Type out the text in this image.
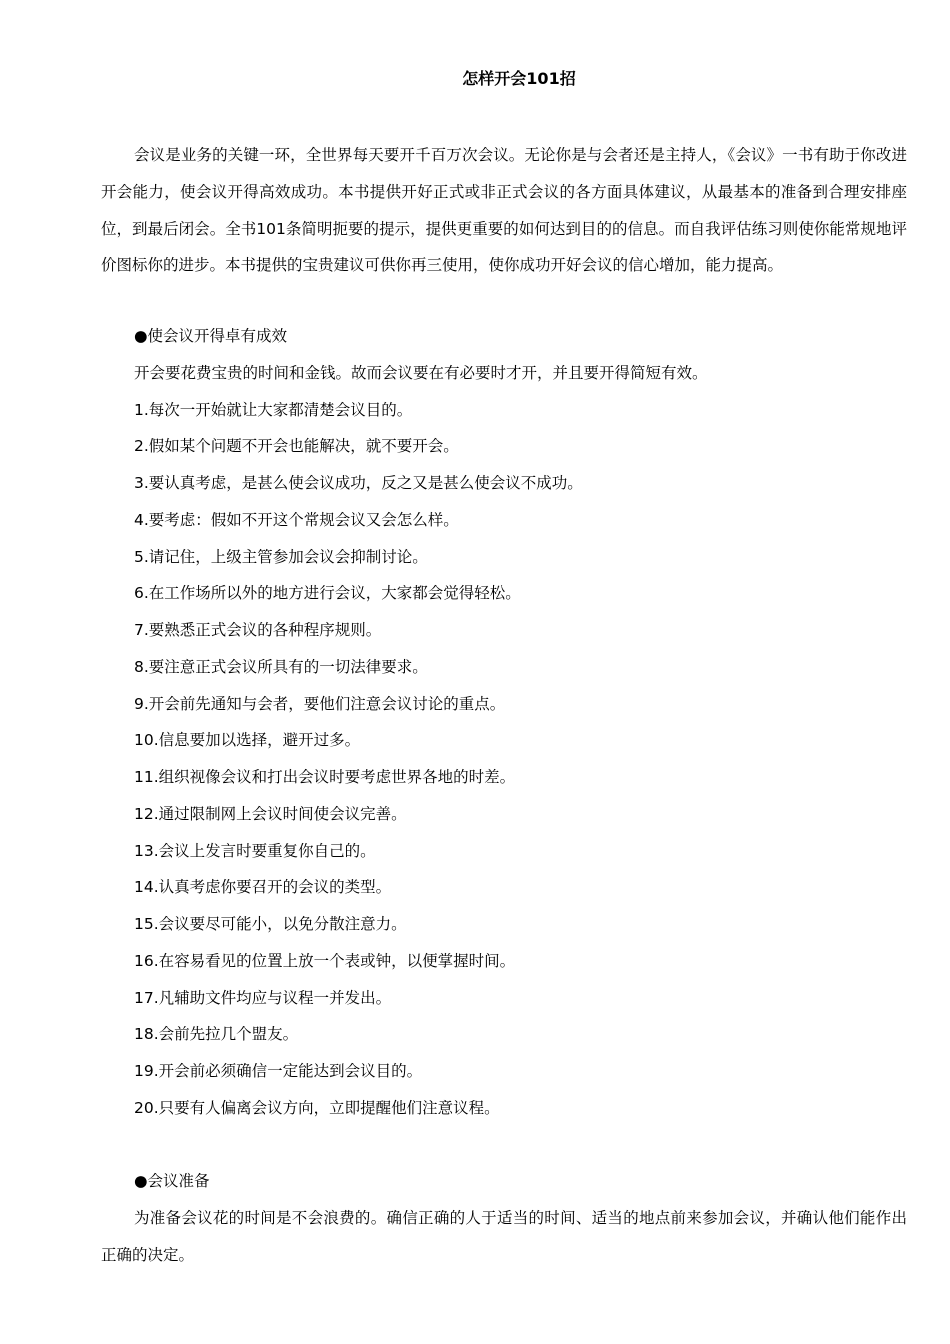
怎样开会101招

会议是业务的关键一环，全世界每天要开千百万次会议。无论你是与会者还是主持人，《会议》一书有助于你改进开会能力，使会议开得高效成功。本书提供开好正式或非正式会议的各方面具体建议，从最基本的准备到合理安排座位，到最后闭会。全书101条简明扼要的提示，提供更重要的如何达到目的的信息。而自我评估练习则使你能常规地评价图标你的进步。本书提供的宝贵建议可供你再三使用，使你成功开好会议的信心增加，能力提高。

●使会议开得卓有成效

开会要花费宝贵的时间和金钱。故而会议要在有必要时才开，并且要开得简短有效。

1.每次一开始就让大家都清楚会议目的。

2.假如某个问题不开会也能解决，就不要开会。

3.要认真考虑，是甚么使会议成功，反之又是甚么使会议不成功。

4.要考虑：假如不开这个常规会议又会怎么样。

5.请记住，上级主管参加会议会抑制讨论。

6.在工作场所以外的地方进行会议，大家都会觉得轻松。

7.要熟悉正式会议的各种程序规则。

8.要注意正式会议所具有的一切法律要求。

9.开会前先通知与会者，要他们注意会议讨论的重点。

10.信息要加以选择，避开过多。

11.组织视像会议和打出会议时要考虑世界各地的时差。

12.通过限制网上会议时间使会议完善。

13.会议上发言时要重复你自己的。

14.认真考虑你要召开的会议的类型。

15.会议要尽可能小，以免分散注意力。

16.在容易看见的位置上放一个表或钟，以便掌握时间。

17.凡辅助文件均应与议程一并发出。

18.会前先拉几个盟友。

19.开会前必须确信一定能达到会议目的。

20.只要有人偏离会议方向，立即提醒他们注意议程。

●会议准备

为准备会议花的时间是不会浪费的。确信正确的人于适当的时间、适当的地点前来参加会议，并确认他们能作出正确的决定。
